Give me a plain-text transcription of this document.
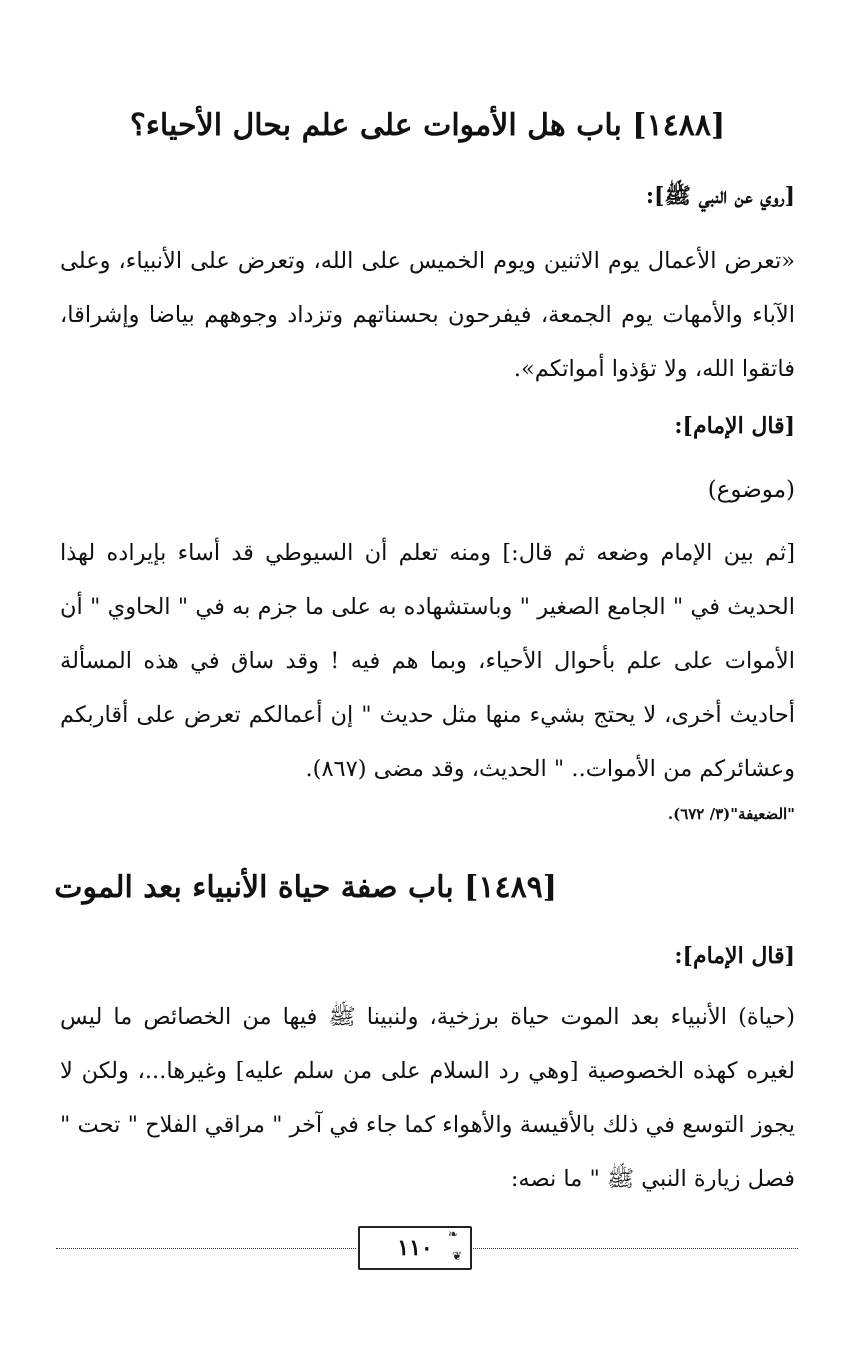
[١٤٨٨] باب هل الأموات على علم بحال الأحياء؟
[روي عن النبي ﷺ]:
«تعرض الأعمال يوم الاثنين ويوم الخميس على الله، وتعرض على الأنبياء، وعلى الآباء والأمهات يوم الجمعة، فيفرحون بحسناتهم وتزداد وجوههم بياضا وإشراقا، فاتقوا الله، ولا تؤذوا أمواتكم».
[قال الإمام]:
(موضوع)
[ثم بين الإمام وضعه ثم قال:] ومنه تعلم أن السيوطي قد أساء بإيراده لهذا الحديث في " الجامع الصغير " وباستشهاده به على ما جزم به في " الحاوي " أن الأموات على علم بأحوال الأحياء، وبما هم فيه ! وقد ساق في هذه المسألة أحاديث أخرى، لا يحتج بشيء منها مثل حديث " إن أعمالكم تعرض على أقاربكم وعشائركم من الأموات.. " الحديث، وقد مضى (٨٦٧).
"الضعيفة"(٣/ ٦٧٢).
[١٤٨٩] باب صفة حياة الأنبياء بعد الموت
[قال الإمام]:
(حياة) الأنبياء بعد الموت حياة برزخية، ولنبينا ﷺ فيها من الخصائص ما ليس لغيره كهذه الخصوصية [وهي رد السلام على من سلم عليه] وغيرها...، ولكن لا يجوز التوسع في ذلك بالأقيسة والأهواء كما جاء في آخر " مراقي الفلاح " تحت " فصل زيارة النبي ﷺ " ما نصه:
١١٠
❧
❦
